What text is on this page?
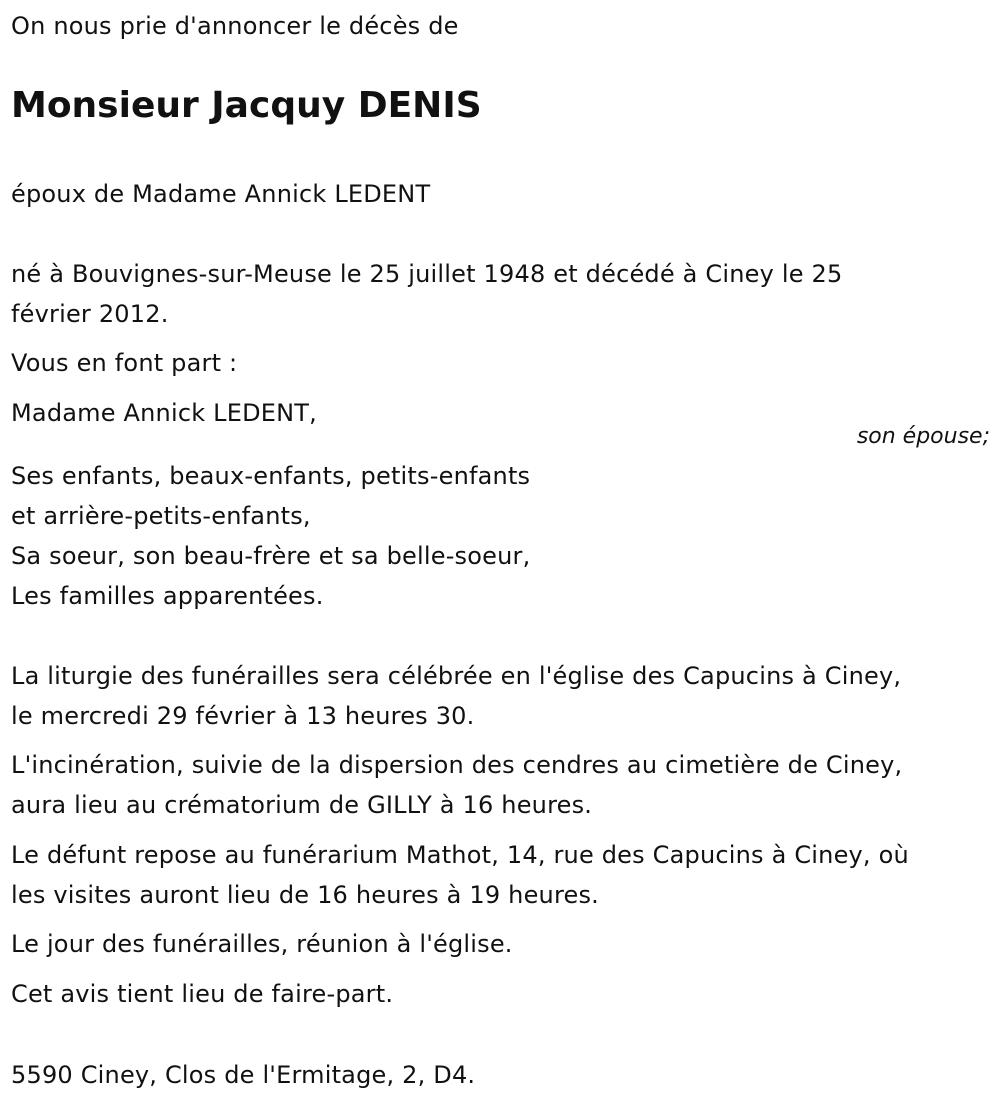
On nous prie d'annoncer le décès de
Monsieur Jacquy DENIS
époux de Madame Annick LEDENT
né à Bouvignes-sur-Meuse le 25 juillet 1948 et décédé à Ciney le 25
février 2012.
Vous en font part :
Madame Annick LEDENT,
son épouse;
Ses enfants, beaux-enfants, petits-enfants
et arrière-petits-enfants,
Sa soeur, son beau-frère et sa belle-soeur,
Les familles apparentées.
La liturgie des funérailles sera célébrée en l'église des Capucins à Ciney,
le mercredi 29 février à 13 heures 30.
L'incinération, suivie de la dispersion des cendres au cimetière de Ciney,
aura lieu au crématorium de GILLY à 16 heures.
Le défunt repose au funérarium Mathot, 14, rue des Capucins à Ciney, où
les visites auront lieu de 16 heures à 19 heures.
Le jour des funérailles, réunion à l'église.
Cet avis tient lieu de faire-part.
5590 Ciney, Clos de l'Ermitage, 2, D4.
